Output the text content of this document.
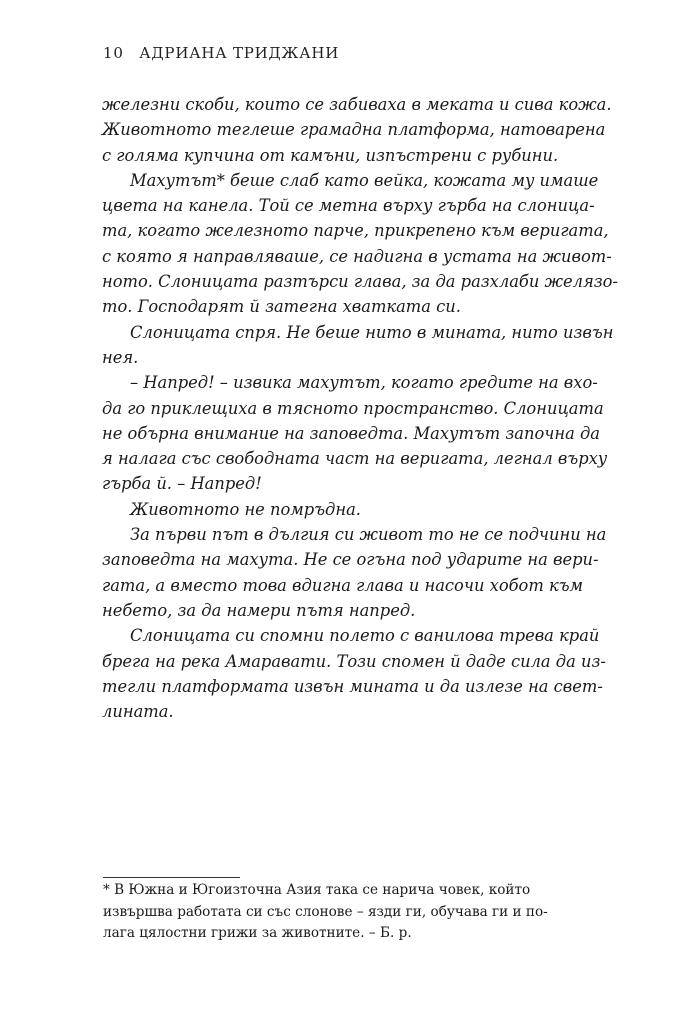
10 АДРИАНА ТРИДЖАНИ
железни скоби, които се забиваха в меката и сива кожа.
Животното теглеше грамадна платформа, натоварена
с голяма купчина от камъни, изпъстрени с рубини.
Махутът* беше слаб като вейка, кожата му имаше
цвета на канела. Той се метна върху гърба на слоница-
та, когато железното парче, прикрепено към веригата,
с която я направляваше, се надигна в устата на живот-
ното. Слоницата разтърси глава, за да разхлаби желязо-
то. Господарят й затегна хватката си.
Слоницата спря. Не беше нито в мината, нито извън
нея.
– Напред! – извика махутът, когато гредите на вхо-
да го приклещиха в тясното пространство. Слоницата
не обърна внимание на заповедта. Махутът започна да
я налага със свободната част на веригата, легнал върху
гърба й. – Напред!
Животното не помръдна.
За първи път в дългия си живот то не се подчини на
заповедта на махута. Не се огъна под ударите на вери-
гата, а вместо това вдигна глава и насочи хобот към
небето, за да намери пътя напред.
Слоницата си спомни полето с ванилова трева край
брега на река Амаравати. Този спомен й даде сила да из-
тегли платформата извън мината и да излезе на свет-
лината.
* В Южна и Югоизточна Азия така се нарича човек, който
извършва работата си със слонове – язди ги, обучава ги и по-
лага цялостни грижи за животните. – Б. р.
